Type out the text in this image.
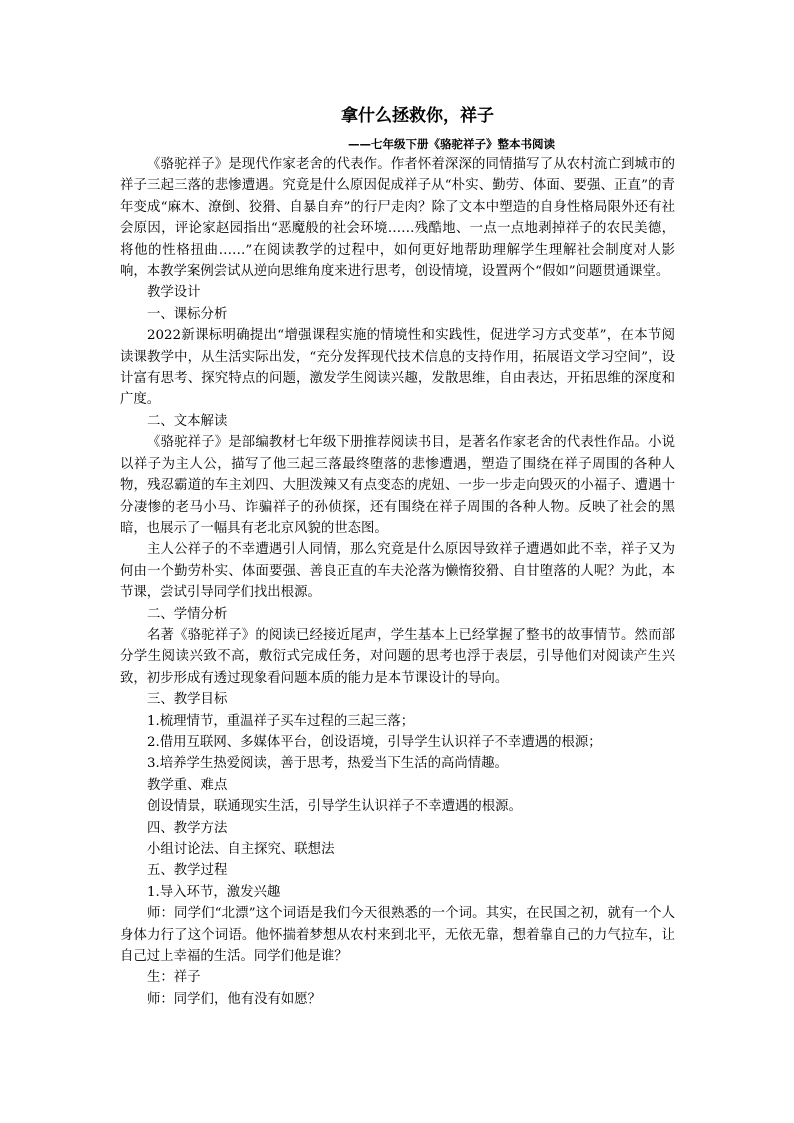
拿什么拯救你，祥子
——七年级下册《骆驼祥子》整本书阅读

《骆驼祥子》是现代作家老舍的代表作。作者怀着深深的同情描写了从农村流亡到城市的祥子三起三落的悲惨遭遇。究竟是什么原因促成祥子从“朴实、勤劳、体面、要强、正直”的青年变成“麻木、潦倒、狡猾、自暴自弃”的行尸走肉？除了文本中塑造的自身性格局限外还有社会原因，评论家赵园指出“恶魔般的社会环境……残酷地、一点一点地剥掉祥子的农民美德，将他的性格扭曲……”在阅读教学的过程中，如何更好地帮助理解学生理解社会制度对人影响，本教学案例尝试从逆向思维角度来进行思考，创设情境，设置两个“假如”问题贯通课堂。

教学设计

一、课标分析

2022新课标明确提出“增强课程实施的情境性和实践性，促进学习方式变革”，在本节阅读课教学中，从生活实际出发，“充分发挥现代技术信息的支持作用，拓展语文学习空间”，设计富有思考、探究特点的问题，激发学生阅读兴趣，发散思维，自由表达，开拓思维的深度和广度。

二、文本解读

《骆驼祥子》是部编教材七年级下册推荐阅读书目，是著名作家老舍的代表性作品。小说以祥子为主人公，描写了他三起三落最终堕落的悲惨遭遇，塑造了围绕在祥子周围的各种人物，残忍霸道的车主刘四、大胆泼辣又有点变态的虎妞、一步一步走向毁灭的小福子、遭遇十分凄惨的老马小马、诈骗祥子的孙侦探，还有围绕在祥子周围的各种人物。反映了社会的黑暗，也展示了一幅具有老北京风貌的世态图。

主人公祥子的不幸遭遇引人同情，那么究竟是什么原因导致祥子遭遇如此不幸，祥子又为何由一个勤劳朴实、体面要强、善良正直的车夫沦落为懒惰狡猾、自甘堕落的人呢？为此，本节课，尝试引导同学们找出根源。

二、学情分析

名著《骆驼祥子》的阅读已经接近尾声，学生基本上已经掌握了整书的故事情节。然而部分学生阅读兴致不高，敷衍式完成任务，对问题的思考也浮于表层，引导他们对阅读产生兴致，初步形成有透过现象看问题本质的能力是本节课设计的导向。

三、教学目标

1.梳理情节，重温祥子买车过程的三起三落；

2.借用互联网、多媒体平台，创设语境，引导学生认识祥子不幸遭遇的根源；

3.培养学生热爱阅读，善于思考，热爱当下生活的高尚情趣。

教学重、难点

创设情景，联通现实生活，引导学生认识祥子不幸遭遇的根源。

四、教学方法

小组讨论法、自主探究、联想法

五、教学过程

1.导入环节，激发兴趣

师：同学们“北漂”这个词语是我们今天很熟悉的一个词。其实，在民国之初，就有一个人身体力行了这个词语。他怀揣着梦想从农村来到北平，无依无靠，想着靠自己的力气拉车，让自己过上幸福的生活。同学们他是谁？

生：祥子

师：同学们，他有没有如愿？
